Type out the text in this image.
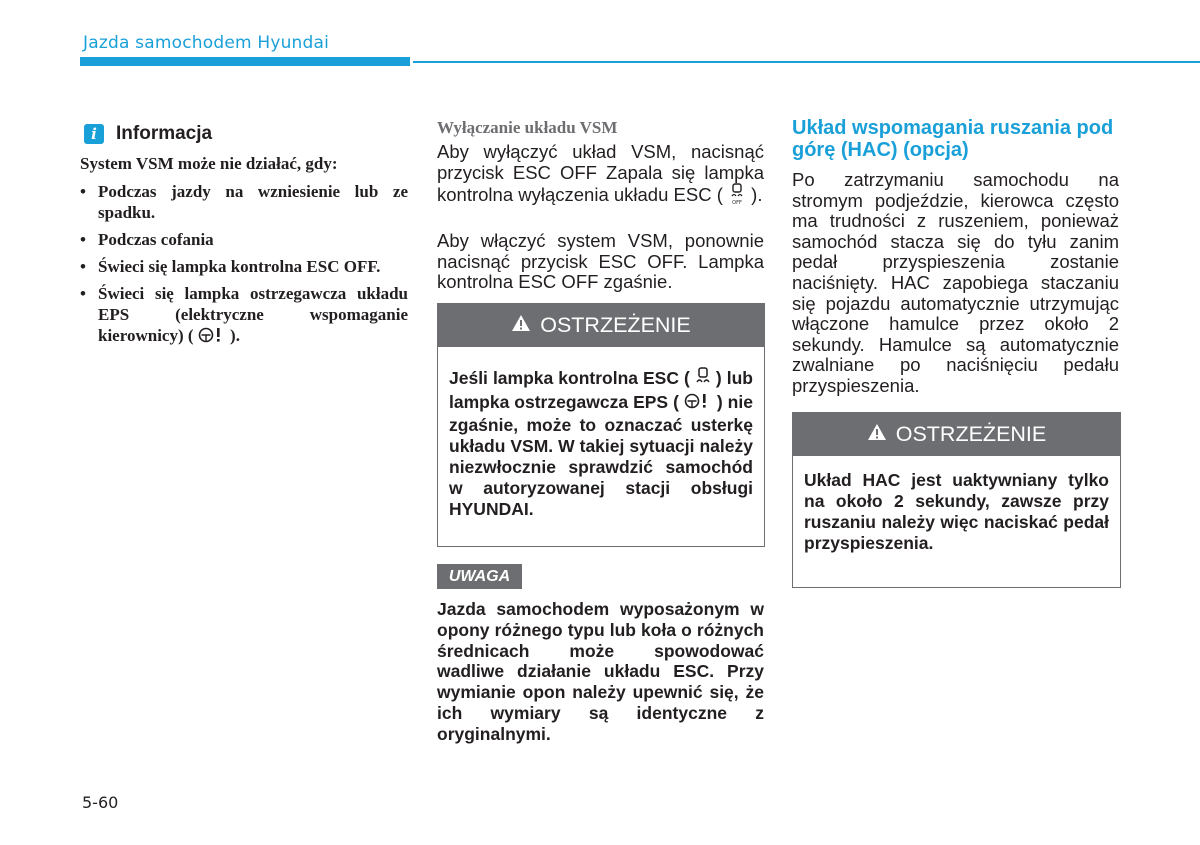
Jazda samochodem Hyundai
i	Informacja
System VSM może nie działać, gdy:
• Podczas jazdy na wzniesienie lub ze spadku.
• Podczas cofania
• Świeci się lampka kontrolna ESC OFF.
• Świeci się lampka ostrzegawcza układu EPS (elektryczne wspomaganie kierownicy) ( ).
Wyłączanie układu VSM
Aby wyłączyć układ VSM, nacisnąć przycisk ESC OFF Zapala się lampka kontrolna wyłączenia układu ESC ( OFF ).
Aby włączyć system VSM, ponownie nacisnąć przycisk ESC OFF. Lampka kontrolna ESC OFF zgaśnie.
OSTRZEŻENIE
Jeśli lampka kontrolna ESC ( ) lub lampka ostrzegawcza EPS ( ) nie zgaśnie, może to oznaczać usterkę układu VSM. W takiej sytuacji należy niezwłocznie sprawdzić samochód w autoryzowanej stacji obsługi HYUNDAI.
UWAGA
Jazda samochodem wyposażonym w opony różnego typu lub koła o różnych średnicach może spowodować wadliwe działanie układu ESC. Przy wymianie opon należy upewnić się, że ich wymiary są identyczne z oryginalnymi.
Układ wspomagania ruszania pod górę (HAC) (opcja)
Po zatrzymaniu samochodu na stromym podjeździe, kierowca często ma trudności z ruszeniem, ponieważ samochód stacza się do tyłu zanim pedał przyspieszenia zostanie naciśnięty. HAC zapobiega staczaniu się pojazdu automatycznie utrzymując włączone hamulce przez około 2 sekundy. Hamulce są automatycznie zwalniane po naciśnięciu pedału przyspieszenia.
OSTRZEŻENIE
Układ HAC jest uaktywniany tylko na około 2 sekundy, zawsze przy ruszaniu należy więc naciskać pedał przyspieszenia.
5-60
